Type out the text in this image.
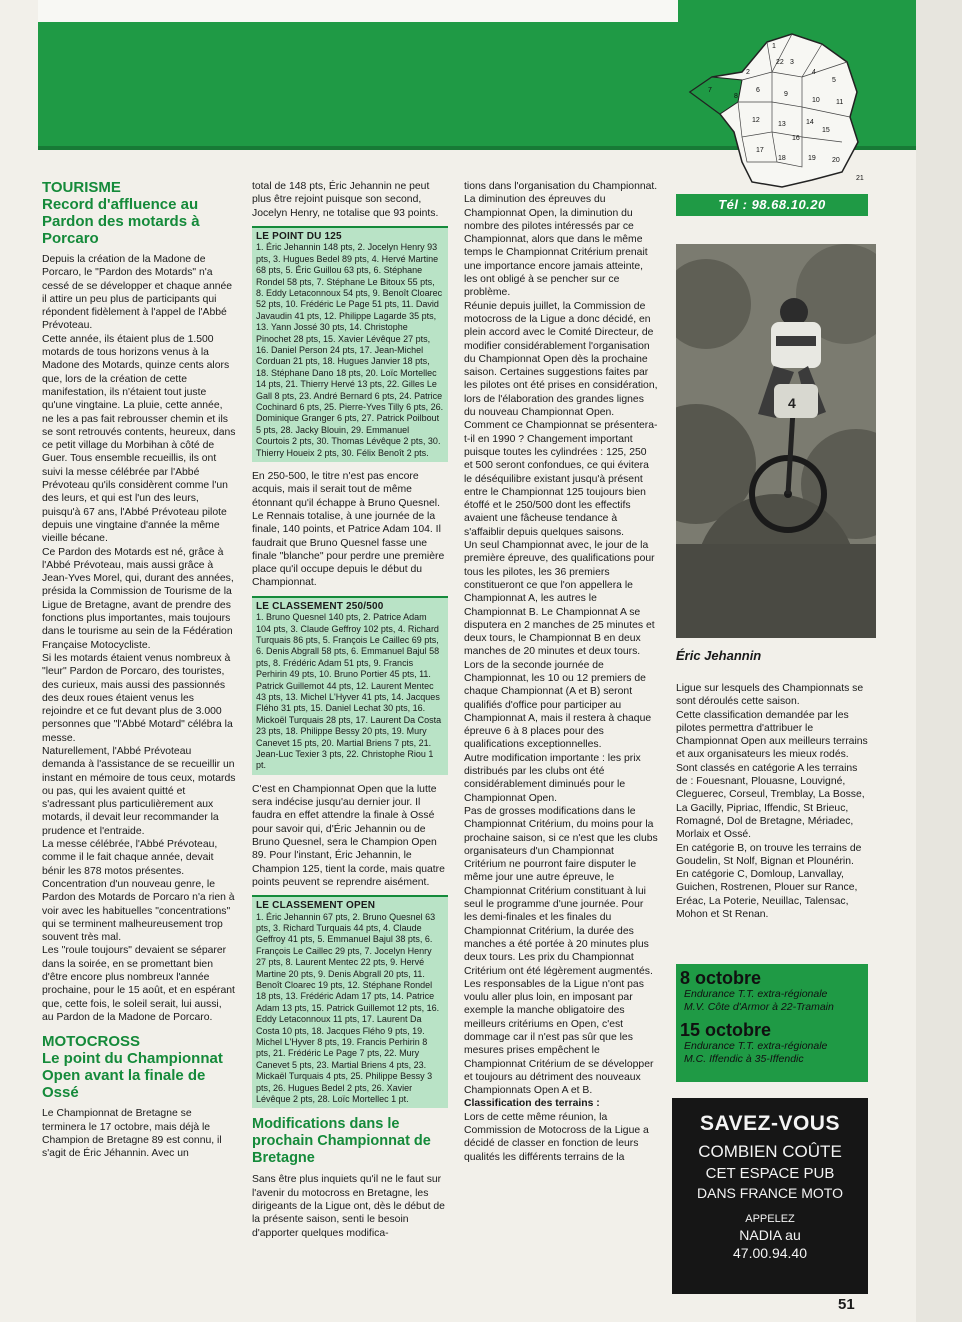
1
22
2
3
4
5
6
7
8	9
10 11
12
13	14
15
16
17
18	19 20
21
Tél : 98.68.10.20
TOURISME
Record d'affluence au Pardon des motards à Porcaro

Depuis la création de la Madone de Porcaro, le "Pardon des Motards" n'a cessé de se développer et chaque année il attire un peu plus de participants qui répondent fidèlement à l'appel de l'Abbé Prévoteau.

Cette année, ils étaient plus de 1.500 motards de tous horizons venus à la Madone des Motards, quinze cents alors que, lors de la création de cette manifestation, ils n'étaient tout juste qu'une vingtaine. La pluie, cette année, ne les a pas fait rebrousser chemin et ils se sont retrouvés contents, heureux, dans ce petit village du Morbihan à côté de Guer. Tous ensemble recueillis, ils ont suivi la messe célébrée par l'Abbé Prévoteau qu'ils considèrent comme l'un des leurs, et qui est l'un des leurs, puisqu'à 67 ans, l'Abbé Prévoteau pilote depuis une vingtaine d'année la même vieille bécane.

Ce Pardon des Motards est né, grâce à l'Abbé Prévoteau, mais aussi grâce à Jean-Yves Morel, qui, durant des années, présida la Commission de Tourisme de la Ligue de Bretagne, avant de prendre des fonctions plus importantes, mais toujours dans le tourisme au sein de la Fédération Française Motocycliste.

Si les motards étaient venus nombreux à "leur" Pardon de Porcaro, des touristes, des curieux, mais aussi des passionnés des deux roues étaient venus les rejoindre et ce fut devant plus de 3.000 personnes que "l'Abbé Motard" célébra la messe.

Naturellement, l'Abbé Prévoteau demanda à l'assistance de se recueillir un instant en mémoire de tous ceux, motards ou pas, qui les avaient quitté et s'adressant plus particulièrement aux motards, il devait leur recommander la prudence et l'entraide.

La messe célébrée, l'Abbé Prévoteau, comme il le fait chaque année, devait bénir les 878 motos présentes. Concentration d'un nouveau genre, le Pardon des Motards de Porcaro n'a rien à voir avec les habituelles "concentrations" qui se terminent malheureusement trop souvent très mal.

Les "roule toujours" devaient se séparer dans la soirée, en se promettant bien d'être encore plus nombreux l'année prochaine, pour le 15 août, et en espérant que, cette fois, le soleil serait, lui aussi, au Pardon de la Madone de Porcaro.

MOTOCROSS
Le point du Championnat Open avant la finale de Ossé

Le Championnat de Bretagne se terminera le 17 octobre, mais déjà le Champion de Bretagne 89 est connu, il s'agit de Éric Jéhannin. Avec un

total de 148 pts, Éric Jehannin ne peut plus être rejoint puisque son second, Jocelyn Henry, ne totalise que 93 points.

LE POINT DU 125
1. Éric Jehannin 148 pts, 2. Jocelyn Henry 93 pts, 3. Hugues Bedel 89 pts, 4. Hervé Martine 68 pts, 5. Éric Guillou 63 pts, 6. Stéphane Rondel 58 pts, 7. Stéphane Le Bitoux 55 pts, 8. Eddy Letaconnoux 54 pts, 9. Benoît Cloarec 52 pts, 10. Frédéric Le Page 51 pts, 11. David Javaudin 41 pts, 12. Philippe Lagarde 35 pts, 13. Yann Jossé 30 pts, 14. Christophe Pinochet 28 pts, 15. Xavier Lévêque 27 pts, 16. Daniel Person 24 pts, 17. Jean-Michel Corduan 21 pts, 18. Hugues Janvier 18 pts, 18. Stéphane Dano 18 pts, 20. Loïc Mortellec 14 pts, 21. Thierry Hervé 13 pts, 22. Gilles Le Gall 8 pts, 23. André Bernard 6 pts, 24. Patrice Cochinard 6 pts, 25. Pierre-Yves Tilly 6 pts, 26. Dominique Granger 6 pts, 27. Patrick Poilbout 5 pts, 28. Jacky Blouin, 29. Emmanuel Courtois 2 pts, 30. Thomas Lévêque 2 pts, 30. Thierry Houeix 2 pts, 30. Félix Benoît 2 pts.

En 250-500, le titre n'est pas encore acquis, mais il serait tout de même étonnant qu'il échappe à Bruno Quesnel. Le Rennais totalise, à une journée de la finale, 140 points, et Patrice Adam 104. Il faudrait que Bruno Quesnel fasse une finale "blanche" pour perdre une première place qu'il occupe depuis le début du Championnat.

LE CLASSEMENT 250/500
1. Bruno Quesnel 140 pts, 2. Patrice Adam 104 pts, 3. Claude Geffroy 102 pts, 4. Richard Turquais 86 pts, 5. François Le Caillec 69 pts, 6. Denis Abgrall 58 pts, 6. Emmanuel Bajul 58 pts, 8. Frédéric Adam 51 pts, 9. Francis Perhirin 49 pts, 10. Bruno Portier 45 pts, 11. Patrick Guillemot 44 pts, 12. Laurent Mentec 43 pts, 13. Michel L'Hyver 41 pts, 14. Jacques Flého 31 pts, 15. Daniel Lechat 30 pts, 16. Mickoël Turquais 28 pts, 17. Laurent Da Costa 23 pts, 18. Philippe Bessy 20 pts, 19. Mury Canevet 15 pts, 20. Martial Briens 7 pts, 21. Jean-Luc Texier 3 pts, 22. Christophe Riou 1 pt.

C'est en Championnat Open que la lutte sera indécise jusqu'au dernier jour. Il faudra en effet attendre la finale à Ossé pour savoir qui, d'Éric Jehannin ou de Bruno Quesnel, sera le Champion Open 89. Pour l'instant, Éric Jehannin, le Champion 125, tient la corde, mais quatre points peuvent se reprendre aisément.

LE CLASSEMENT OPEN
1. Éric Jehannin 67 pts, 2. Bruno Quesnel 63 pts, 3. Richard Turquais 44 pts, 4. Claude Geffroy 41 pts, 5. Emmanuel Bajul 38 pts, 6. François Le Caillec 29 pts, 7. Jocelyn Henry 27 pts, 8. Laurent Mentec 22 pts, 9. Hervé Martine 20 pts, 9. Denis Abgrall 20 pts, 11. Benoît Cloarec 19 pts, 12. Stéphane Rondel 18 pts, 13. Frédéric Adam 17 pts, 14. Patrice Adam 13 pts, 15. Patrick Guillemot 12 pts, 16. Eddy Letaconnoux 11 pts, 17. Laurent Da Costa 10 pts, 18. Jacques Flého 9 pts, 19. Michel L'Hyver 8 pts, 19. Francis Perhirin 8 pts, 21. Frédéric Le Page 7 pts, 22. Mury Canevet 5 pts, 23. Martial Briens 4 pts, 23. Mickaël Turquais 4 pts, 25. Philippe Bessy 3 pts, 26. Hugues Bedel 2 pts, 26. Xavier Lévêque 2 pts, 28. Loïc Mortellec 1 pt.
Modifications dans le prochain Championnat de Bretagne

Sans être plus inquiets qu'il ne le faut sur l'avenir du motocross en Bretagne, les dirigeants de la Ligue ont, dès le début de la présente saison, senti le besoin d'apporter quelques modifica-

tions dans l'organisation du Championnat. La diminution des épreuves du Championnat Open, la diminution du nombre des pilotes intéressés par ce Championnat, alors que dans le même temps le Championnat Critérium prenait une importance encore jamais atteinte, les ont obligé à se pencher sur ce problème.

Réunie depuis juillet, la Commission de motocross de la Ligue a donc décidé, en plein accord avec le Comité Directeur, de modifier considérablement l'organisation du Championnat Open dès la prochaine saison. Certaines suggestions faites par les pilotes ont été prises en considération, lors de l'élaboration des grandes lignes du nouveau Championnat Open.

Comment ce Championnat se présentera-t-il en 1990 ? Changement important puisque toutes les cylindrées : 125, 250 et 500 seront confondues, ce qui évitera le déséquilibre existant jusqu'à présent entre le Championnat 125 toujours bien étoffé et le 250/500 dont les effectifs avaient une fâcheuse tendance à s'affaiblir depuis quelques saisons.

Un seul Championnat avec, le jour de la première épreuve, des qualifications pour tous les pilotes, les 36 premiers constitueront ce que l'on appellera le Championnat A, les autres le Championnat B. Le Championnat A se disputera en 2 manches de 25 minutes et deux tours, le Championnat B en deux manches de 20 minutes et deux tours.

Lors de la seconde journée de Championnat, les 10 ou 12 premiers de chaque Championnat (A et B) seront qualifiés d'office pour participer au Championnat A, mais il restera à chaque épreuve 6 à 8 places pour des qualifications exceptionnelles.

Autre modification importante : les prix distribués par les clubs ont été considérablement diminués pour le Championnat Open.

Pas de grosses modifications dans le Championnat Critérium, du moins pour la prochaine saison, si ce n'est que les clubs organisateurs d'un Championnat Critérium ne pourront faire disputer le même jour une autre épreuve, le Championnat Critérium constituant à lui seul le programme d'une journée. Pour les demi-finales et les finales du Championnat Critérium, la durée des manches a été portée à 20 minutes plus deux tours. Les prix du Championnat Critérium ont été légèrement augmentés.

Les responsables de la Ligue n'ont pas voulu aller plus loin, en imposant par exemple la manche obligatoire des meilleurs critériums en Open, c'est dommage car il n'est pas sûr que les mesures prises empêchent le Championnat Critérium de se développer et toujours au détriment des nouveaux Championnats Open A et B.

Classification des terrains :

Lors de cette même réunion, la Commission de Motocross de la Ligue a décidé de classer en fonction de leurs qualités les différents terrains de la

4
Éric Jehannin

Ligue sur lesquels des Championnats se sont déroulés cette saison.

Cette classification demandée par les pilotes permettra d'attribuer le Championnat Open aux meilleurs terrains et aux organisateurs les mieux rodés.

Sont classés en catégorie A les terrains de : Fouesnant, Plouasne, Louvigné, Cleguerec, Corseul, Tremblay, La Bosse, La Gacilly, Pipriac, Iffendic, St Brieuc, Romagné, Dol de Bretagne, Mériadec, Morlaix et Ossé.

En catégorie B, on trouve les terrains de Goudelin, St Nolf, Bignan et Plounérin.

En catégorie C, Domloup, Lanvallay, Guichen, Rostrenen, Plouer sur Rance, Eréac, La Poterie, Neuillac, Talensac, Mohon et St Renan.

8 octobre
Endurance T.T. extra-régionale
M.V. Côte d'Armor à 22-Tramain
15 octobre
Endurance T.T. extra-régionale
M.C. Iffendic à 35-Iffendic
SAVEZ-VOUS
COMBIEN COÛTE
CET ESPACE PUB
DANS FRANCE MOTO
APPELEZ
NADIA au
47.00.94.40
51
